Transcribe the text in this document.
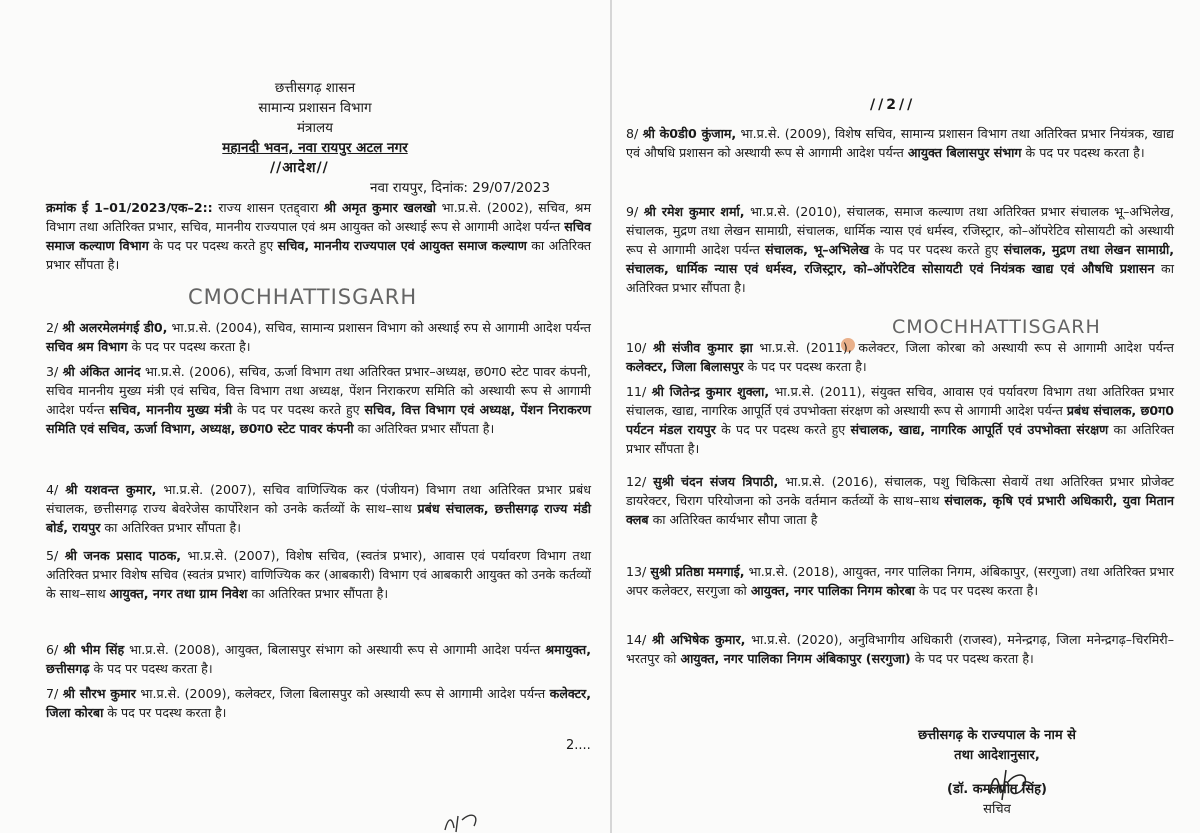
छत्तीसगढ़ शासन
सामान्य प्रशासन विभाग
मंत्रालय
महानदी भवन, नवा रायपुर अटल नगर
//आदेश//
नवा रायपुर, दिनांक: 29/07/2023
क्रमांक ई 1–01/2023/एक–2:: राज्य शासन एतद्द्वारा श्री अमृत कुमार खलखो भा.प्र.से. (2002), सचिव, श्रम विभाग तथा अतिरिक्त प्रभार, सचिव, माननीय राज्यपाल एवं श्रम आयुक्त को अस्थाई रूप से आगामी आदेश पर्यन्त सचिव समाज कल्याण विभाग के पद पर पदस्थ करते हुए सचिव, माननीय राज्यपाल एवं आयुक्त समाज कल्याण का अतिरिक्त प्रभार सौंपता है।
CMOCHHATTISGARH
2/ श्री अलरमेलमंगई डी0, भा.प्र.से. (2004), सचिव, सामान्य प्रशासन विभाग को अस्थाई रुप से आगामी आदेश पर्यन्त सचिव श्रम विभाग के पद पर पदस्थ करता है।
3/ श्री अंकित आनंद भा.प्र.से. (2006), सचिव, ऊर्जा विभाग तथा अतिरिक्त प्रभार–अध्यक्ष, छ0ग0 स्टेट पावर कंपनी, सचिव माननीय मुख्य मंत्री एवं सचिव, वित्त विभाग तथा अध्यक्ष, पेंशन निराकरण समिति को अस्थायी रूप से आगामी आदेश पर्यन्त सचिव, माननीय मुख्य मंत्री के पद पर पदस्थ करते हुए सचिव, वित्त विभाग एवं अध्यक्ष, पेंशन निराकरण समिति एवं सचिव, ऊर्जा विभाग, अध्यक्ष, छ0ग0 स्टेट पावर कंपनी का अतिरिक्त प्रभार सौंपता है।
4/ श्री यशवन्त कुमार, भा.प्र.से. (2007), सचिव वाणिज्यिक कर (पंजीयन) विभाग तथा अतिरिक्त प्रभार प्रबंध संचालक, छत्तीसगढ़ राज्य बेवरेजेस कार्पोरेशन को उनके कर्तव्यों के साथ–साथ प्रबंध संचालक, छत्तीसगढ़ राज्य मंडी बोर्ड, रायपुर का अतिरिक्त प्रभार सौंपता है।
5/ श्री जनक प्रसाद पाठक, भा.प्र.से. (2007), विशेष सचिव, (स्वतंत्र प्रभार), आवास एवं पर्यावरण विभाग तथा अतिरिक्त प्रभार विशेष सचिव (स्वतंत्र प्रभार) वाणिज्यिक कर (आबकारी) विभाग एवं आबकारी आयुक्त को उनके कर्तव्यों के साथ–साथ आयुक्त, नगर तथा ग्राम निवेश का अतिरिक्त प्रभार सौंपता है।
6/ श्री भीम सिंह भा.प्र.से. (2008), आयुक्त, बिलासपुर संभाग को अस्थायी रूप से आगामी आदेश पर्यन्त श्रमायुक्त, छत्तीसगढ़ के पद पर पदस्थ करता है।
7/ श्री सौरभ कुमार भा.प्र.से. (2009), कलेक्टर, जिला बिलासपुर को अस्थायी रूप से आगामी आदेश पर्यन्त कलेक्टर, जिला कोरबा के पद पर पदस्थ करता है।
2....
//2//
8/ श्री के0डी0 कुंजाम, भा.प्र.से. (2009), विशेष सचिव, सामान्य प्रशासन विभाग तथा अतिरिक्त प्रभार नियंत्रक, खाद्य एवं औषधि प्रशासन को अस्थायी रूप से आगामी आदेश पर्यन्त आयुक्त बिलासपुर संभाग के पद पर पदस्थ करता है।
9/ श्री रमेश कुमार शर्मा, भा.प्र.से. (2010), संचालक, समाज कल्याण तथा अतिरिक्त प्रभार संचालक भू–अभिलेख, संचालक, मुद्रण तथा लेखन सामाग्री, संचालक, धार्मिक न्यास एवं धर्मस्व, रजिस्ट्रार, को–ऑपरेटिव सोसायटी को अस्थायी रूप से आगामी आदेश पर्यन्त संचालक, भू–अभिलेख के पद पर पदस्थ करते हुए संचालक, मुद्रण तथा लेखन सामाग्री, संचालक, धार्मिक न्यास एवं धर्मस्व, रजिस्ट्रार, को–ऑपरेटिव सोसायटी एवं नियंत्रक खाद्य एवं औषधि प्रशासन का अतिरिक्त प्रभार सौंपता है।
CMOCHHATTISGARH
10/ श्री संजीव कुमार झा भा.प्र.से. (2011), कलेक्टर, जिला कोरबा को अस्थायी रूप से आगामी आदेश पर्यन्त कलेक्टर, जिला बिलासपुर के पद पर पदस्थ करता है।
11/ श्री जितेन्द्र कुमार शुक्ला, भा.प्र.से. (2011), संयुक्त सचिव, आवास एवं पर्यावरण विभाग तथा अतिरिक्त प्रभार संचालक, खाद्य, नागरिक आपूर्ति एवं उपभोक्ता संरक्षण को अस्थायी रूप से आगामी आदेश पर्यन्त प्रबंध संचालक, छ0ग0 पर्यटन मंडल रायपुर के पद पर पदस्थ करते हुए संचालक, खाद्य, नागरिक आपूर्ति एवं उपभोक्ता संरक्षण का अतिरिक्त प्रभार सौंपता है।
12/ सुश्री चंदन संजय त्रिपाठी, भा.प्र.से. (2016), संचालक, पशु चिकित्सा सेवायें तथा अतिरिक्त प्रभार प्रोजेक्ट डायरेक्टर, चिराग परियोजना को उनके वर्तमान कर्तव्यों के साथ–साथ संचालक, कृषि एवं प्रभारी अधिकारी, युवा मितान क्लब का अतिरिक्त कार्यभार सौपा जाता है
13/ सुश्री प्रतिष्ठा ममगाई, भा.प्र.से. (2018), आयुक्त, नगर पालिका निगम, अंबिकापुर, (सरगुजा) तथा अतिरिक्त प्रभार अपर कलेक्टर, सरगुजा को आयुक्त, नगर पालिका निगम कोरबा के पद पर पदस्थ करता है।
14/ श्री अभिषेक कुमार, भा.प्र.से. (2020), अनुविभागीय अधिकारी (राजस्व), मनेन्द्रगढ़, जिला मनेन्द्रगढ़–चिरमिरी–भरतपुर को आयुक्त, नगर पालिका निगम अंबिकापुर (सरगुजा) के पद पर पदस्थ करता है।
छत्तीसगढ़ के राज्यपाल के नाम से
तथा आदेशानुसार,
(डॉ. कमलप्रीत सिंह)
सचिव
